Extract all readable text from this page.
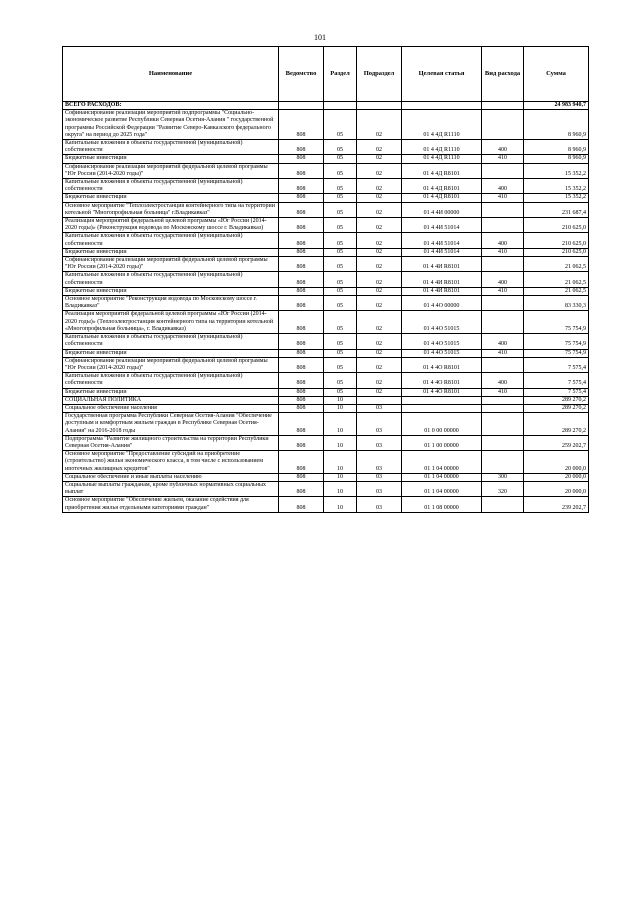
101
Наименование	Ведомство	Раздел	Подраздел	Целевая статья	Вид расхода	Сумма
ВСЕГО РАСХОДОВ:						24 983 940,7
Софинансирование реализации мероприятий подпрограммы "Социально-экономическое развитие Республики Северная Осетия-Алания " государственной программы Российской Федерации "Развитие Северо-Кавказского федерального округа" на период до 2025 года"	808	05	02	01 4 4Д R1110		8 960,9
Капитальные вложения в объекты государственной (муниципальной) собственности	808	05	02	01 4 4Д R1110	400	8 960,9
Бюджетные инвестиции	808	05	02	01 4 4Д R1110	410	8 960,9
Софинансирование реализации мероприятий федеральной целевой программы "Юг России (2014-2020 годы)"	808	05	02	01 4 4Д R8101		15 352,2
Капитальные вложения в объекты государственной (муниципальной) собственности	808	05	02	01 4 4Д R8101	400	15 352,2
Бюджетные инвестиции	808	05	02	01 4 4Д R8101	410	15 352,2
Основное мероприятие "Теплоэлектростанция контейнерного типа на территории котельной "Многопрофильная больница" г.Владикавказ"	808	05	02	01 4 4И 00000		231 687,4
Реализация мероприятий федеральной целевой программы «Юг России (2014-2020 годы)» (Реконструкция водовода по Московскому шоссе г. Владикавказ)	808	05	02	01 4 4И 51014		210 625,0
Капитальные вложения в объекты государственной (муниципальной) собственности	808	05	02	01 4 4И 51014	400	210 625,0
Бюджетные инвестиции	808	05	02	01 4 4И 51014	410	210 625,0
Софинансирование реализации мероприятий федеральной целевой программы "Юг России (2014-2020 годы)"	808	05	02	01 4 4И R8101		21 062,5
Капитальные вложения в объекты государственной (муниципальной) собственности	808	05	02	01 4 4И R8101	400	21 062,5
Бюджетные инвестиции	808	05	02	01 4 4И R8101	410	21 062,5
Основное мероприятие "Реконструкция водовода по Московскому шоссе г. Владикавказ"	808	05	02	01 4 4О 00000		83 330,3
Реализация мероприятий федеральной целевой программы «Юг России (2014-2020 годы)» (Теплоэлектростанция контейнерного типа на территории котельной «Многопрофильная больница», г. Владикавказ)	808	05	02	01 4 4О 51015		75 754,9
Капитальные вложения в объекты государственной (муниципальной) собственности	808	05	02	01 4 4О 51015	400	75 754,9
Бюджетные инвестиции	808	05	02	01 4 4О 51015	410	75 754,9
Софинансирование реализации мероприятий федеральной целевой программы "Юг России (2014-2020 годы)"	808	05	02	01 4 4О R8101		7 575,4
Капитальные вложения в объекты государственной (муниципальной) собственности	808	05	02	01 4 4О R8101	400	7 575,4
Бюджетные инвестиции	808	05	02	01 4 4О R8101	410	7 575,4
СОЦИАЛЬНАЯ ПОЛИТИКА	808	10				289 270,2
Социальное обеспечение населения	808	10	03			289 270,2
Государственная программа Республики Северная Осетия-Алания "Обеспечение доступным и комфортным жильем граждан в Республике Северная Осетия-Алания" на 2016-2018 годы	808	10	03	01 0 00 00000		289 270,2
Подпрограмма "Развитие жилищного строительства на территории Республики Северная Осетия-Алания"	808	10	03	01 1 00 00000		259 202,7
Основное мероприятие "Предоставление субсидий на приобретение (строительство) жилья экономического класса, в том числе с использованием ипотечных жилищных кредитов"	808	10	03	01 1 04 00000		20 000,0
Социальное обеспечение и иные выплаты населению	808	10	03	01 1 04 00000	300	20 000,0
Социальные выплаты гражданам, кроме публичных нормативных социальных выплат	808	10	03	01 1 04 00000	320	20 000,0
Основное мероприятие "Обеспечение жильем, оказание содействия для приобретения жилья отдельными категориями граждан"	808	10	03	01 1 08 00000		239 202,7
